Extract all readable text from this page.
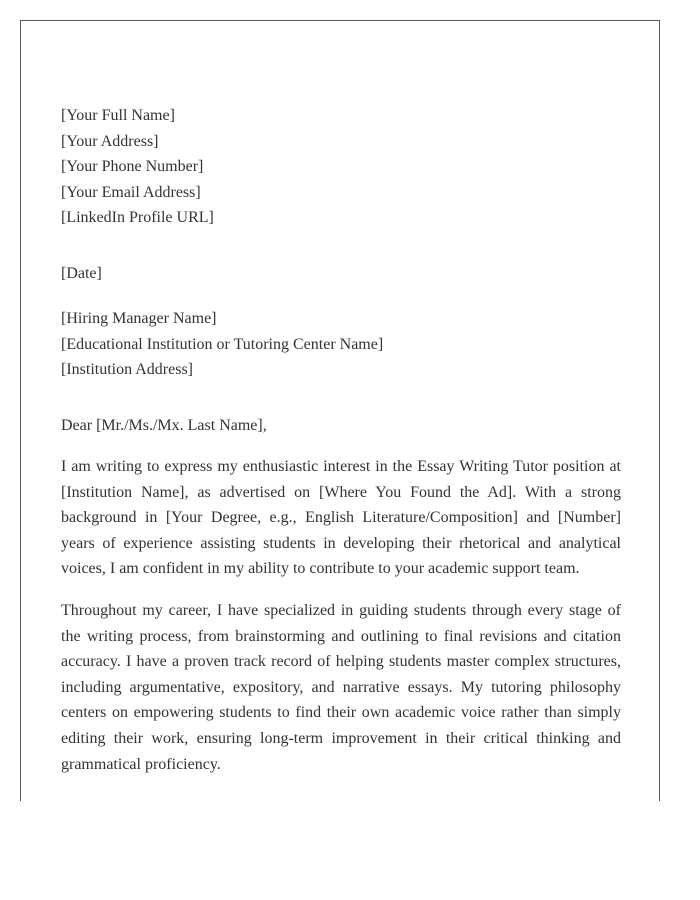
[Your Full Name]
[Your Address]
[Your Phone Number]
[Your Email Address]
[LinkedIn Profile URL]
[Date]
[Hiring Manager Name]
[Educational Institution or Tutoring Center Name]
[Institution Address]
Dear [Mr./Ms./Mx. Last Name],

I am writing to express my enthusiastic interest in the Essay Writing Tutor position at [Institution Name], as advertised on [Where You Found the Ad]. With a strong background in [Your Degree, e.g., English Literature/Composition] and [Number] years of experience assisting students in developing their rhetorical and analytical voices, I am confident in my ability to contribute to your academic support team.

Throughout my career, I have specialized in guiding students through every stage of the writing process, from brainstorming and outlining to final revisions and citation accuracy. I have a proven track record of helping students master complex structures, including argumentative, expository, and narrative essays. My tutoring philosophy centers on empowering students to find their own academic voice rather than simply editing their work, ensuring long-term improvement in their critical thinking and grammatical proficiency.
